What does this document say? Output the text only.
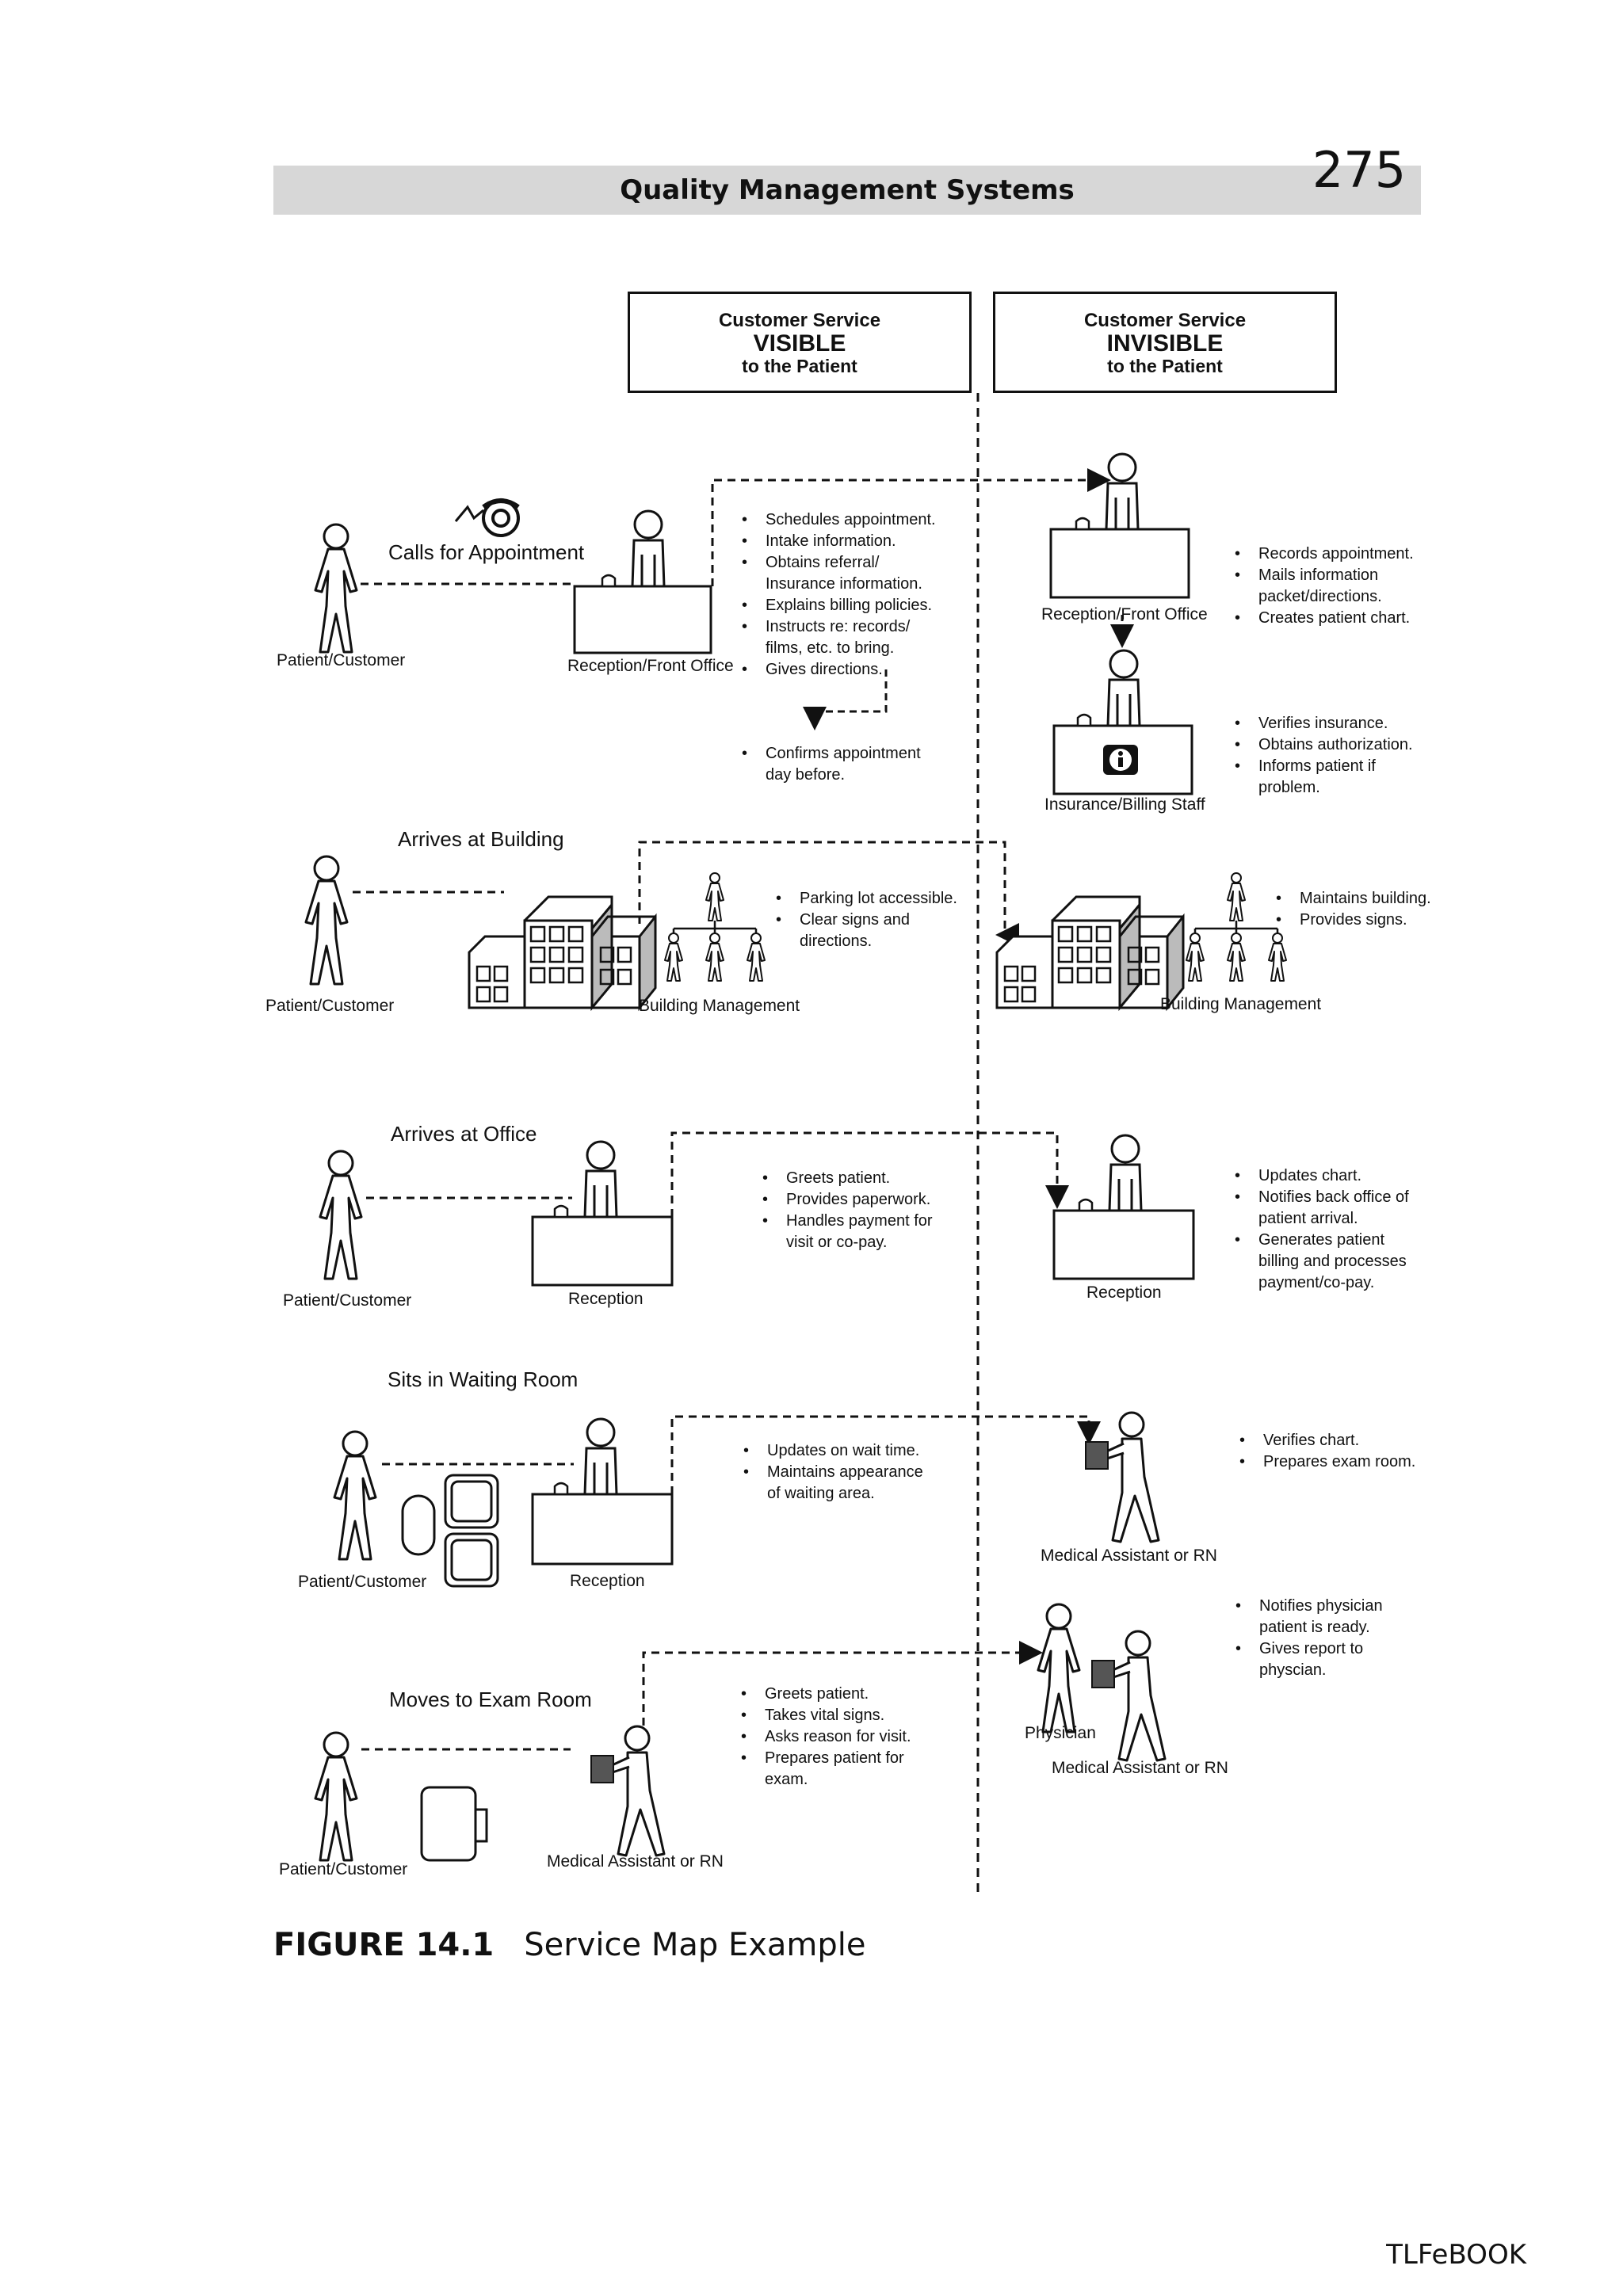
Quality Management Systems	275
Customer Service
VISIBLE
to the Patient
Customer Service
INVISIBLE
to the Patient
Calls for Appointment
Arrives at Building
Arrives at Office
Sits in Waiting Room
Moves to Exam Room
Patient/Customer	Reception/Front Office
Reception/Front Office
Insurance/Billing Staff
Patient/Customer	Building Management	Building Management
Patient/Customer	Reception	Reception
Patient/Customer	Reception
Medical Assistant or RN
Physician
Medical Assistant or RN
Patient/Customer	Medical Assistant or RN
• Schedules appointment.
• Intake information.
• Obtains referral/
Insurance information.
• Explains billing policies.
• Instructs re: records/
films, etc. to bring.
• Gives directions.
• Confirms appointment
day before.
• Records appointment.
• Mails information
packet/directions.
• Creates patient chart.
• Verifies insurance.
• Obtains authorization.
• Informs patient if
problem.
• Parking lot accessible.
• Clear signs and
directions.
• Maintains building.
• Provides signs.
• Greets patient.
• Provides paperwork.
• Handles payment for
visit or co-pay.
• Updates chart.
• Notifies back office of
patient arrival.
• Generates patient
billing and processes
payment/co-pay.
• Updates on wait time.
• Maintains appearance
of waiting area.
• Verifies chart.
• Prepares exam room.
• Notifies physician
patient is ready.
• Gives report to
physcian.
• Greets patient.
• Takes vital signs.
• Asks reason for visit.
• Prepares patient for
exam.
FIGURE 14.1 Service Map Example
TLFeBOOK
